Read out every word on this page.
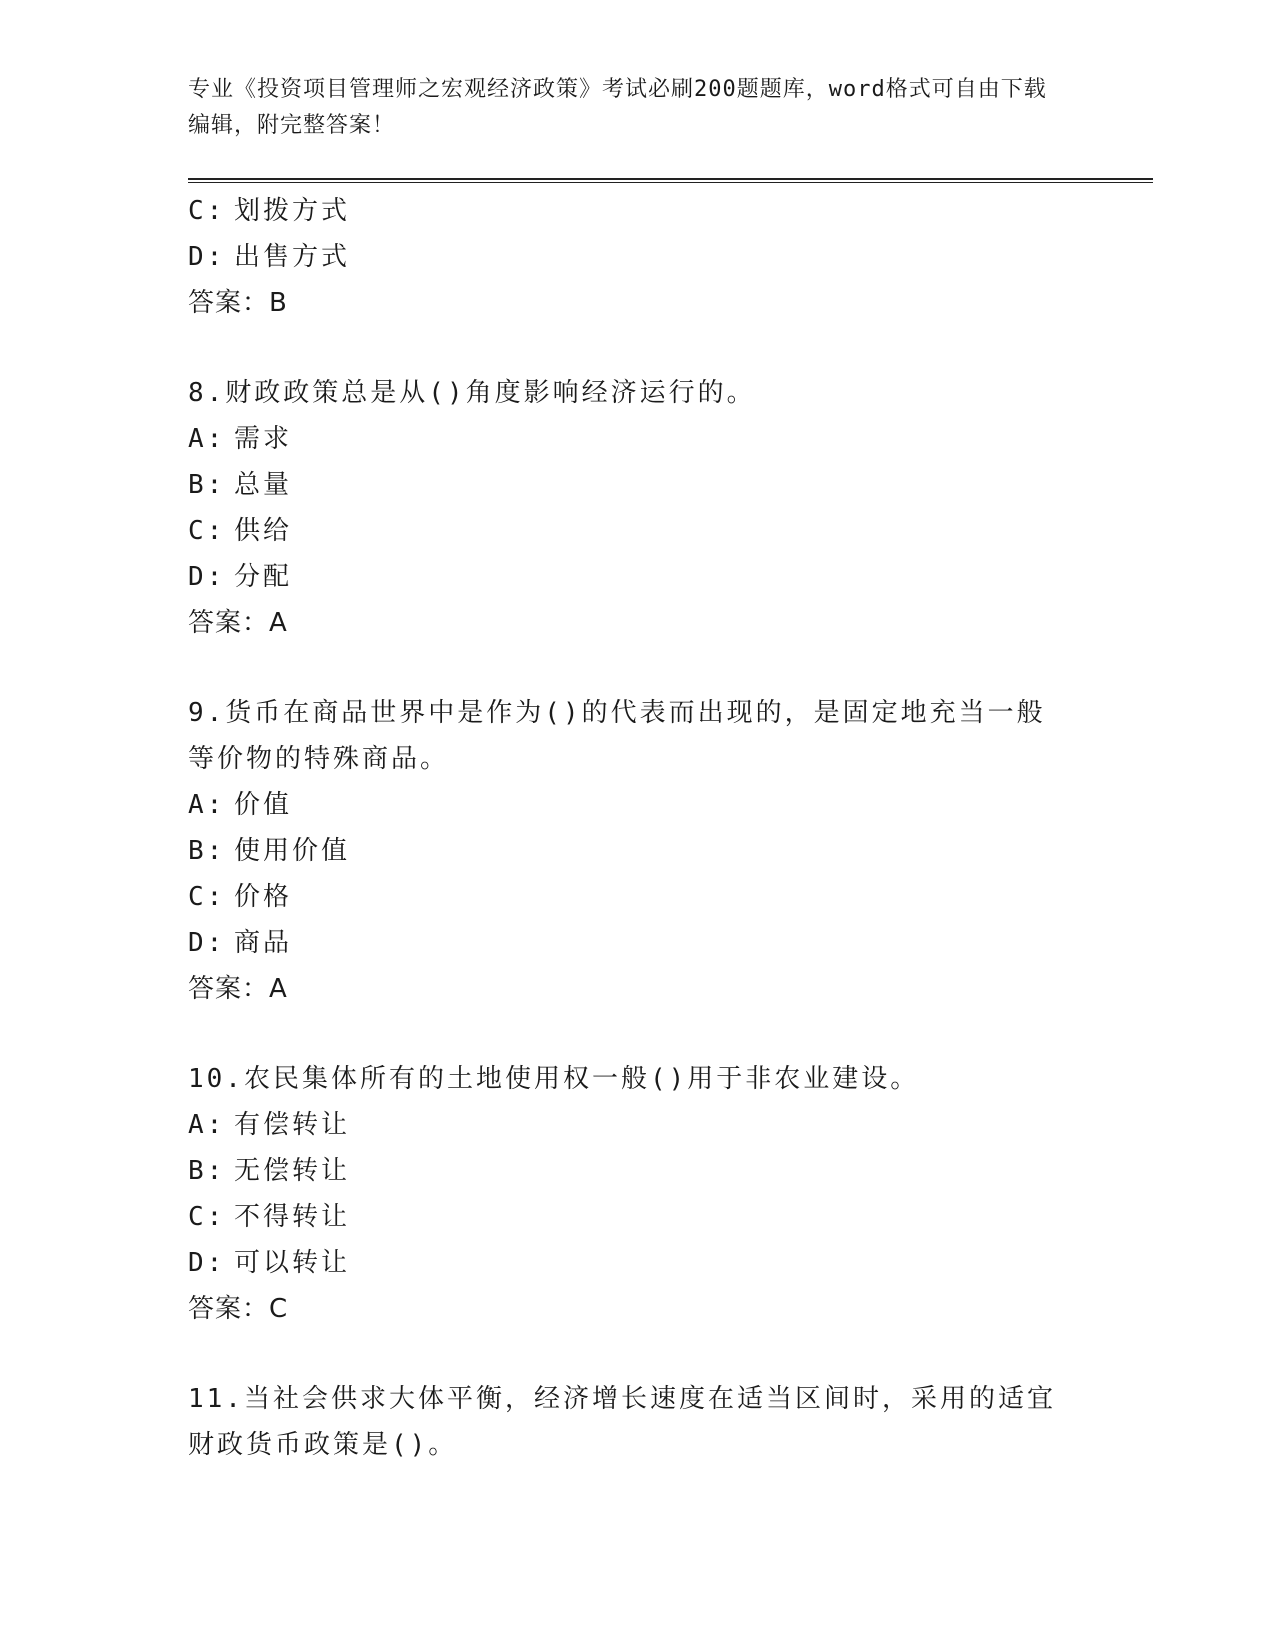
专业《投资项目管理师之宏观经济政策》考试必刷200题题库，word格式可自由下载编辑，附完整答案！
C: 划拨方式
D: 出售方式
答案：B
8.财政政策总是从()角度影响经济运行的。
A: 需求
B: 总量
C: 供给
D: 分配
答案：A
9.货币在商品世界中是作为()的代表而出现的，是固定地充当一般等价物的特殊商品。
A: 价值
B: 使用价值
C: 价格
D: 商品
答案：A
10.农民集体所有的土地使用权一般()用于非农业建设。
A: 有偿转让
B: 无偿转让
C: 不得转让
D: 可以转让
答案：C
11.当社会供求大体平衡，经济增长速度在适当区间时，采用的适宜财政货币政策是()。
